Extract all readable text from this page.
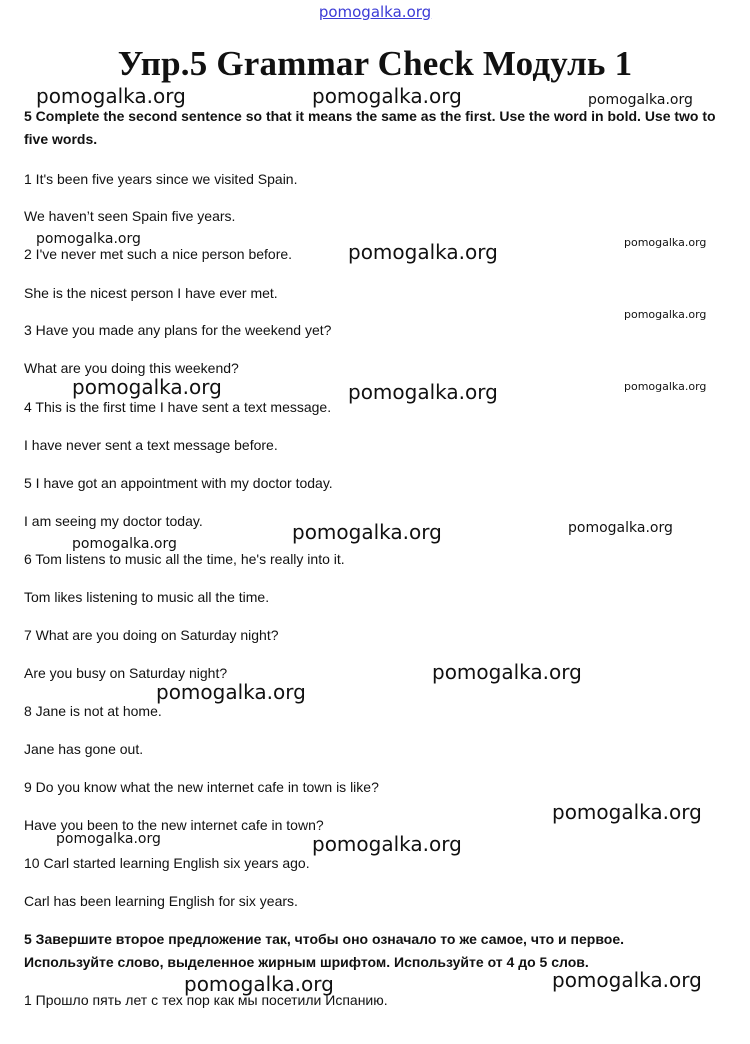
pomogalka.org
Упр.5 Grammar Check Модуль 1
5 Complete the second sentence so that it means the same as the first. Use the word in bold. Use two to five words.
1 It's been five years since we visited Spain.
We haven’t seen Spain five years.
2 I've never met such a nice person before.
She is the nicest person I have ever met.
3 Have you made any plans for the weekend yet?
What are you doing this weekend?
4 This is the first time I have sent a text message.
I have never sent a text message before.
5 I have got an appointment with my doctor today.
I am seeing my doctor today.
6 Tom listens to music all the time, he's really into it.
Tom likes listening to music all the time.
7 What are you doing on Saturday night?
Are you busy on Saturday night?
8 Jane is not at home.
Jane has gone out.
9 Do you know what the new internet cafe in town is like?
Have you been to the new internet cafe in town?
10 Carl started learning English six years ago.
Carl has been learning English for six years.
5 Завершите второе предложение так, чтобы оно означало то же самое, что и первое.
Используйте слово, выделенное жирным шрифтом. Используйте от 4 до 5 слов.
1 Прошло пять лет с тех пор как мы посетили Испанию.
pomogalka.org	pomogalka.org	pomogalka.org
pomogalka.org
pomogalka.org	pomogalka.org
pomogalka.org
pomogalka.org	pomogalka.org	pomogalka.org
pomogalka.org	pomogalka.org
pomogalka.org
pomogalka.org
pomogalka.org
pomogalka.org
pomogalka.org
pomogalka.org
pomogalka.org
pomogalka.org
